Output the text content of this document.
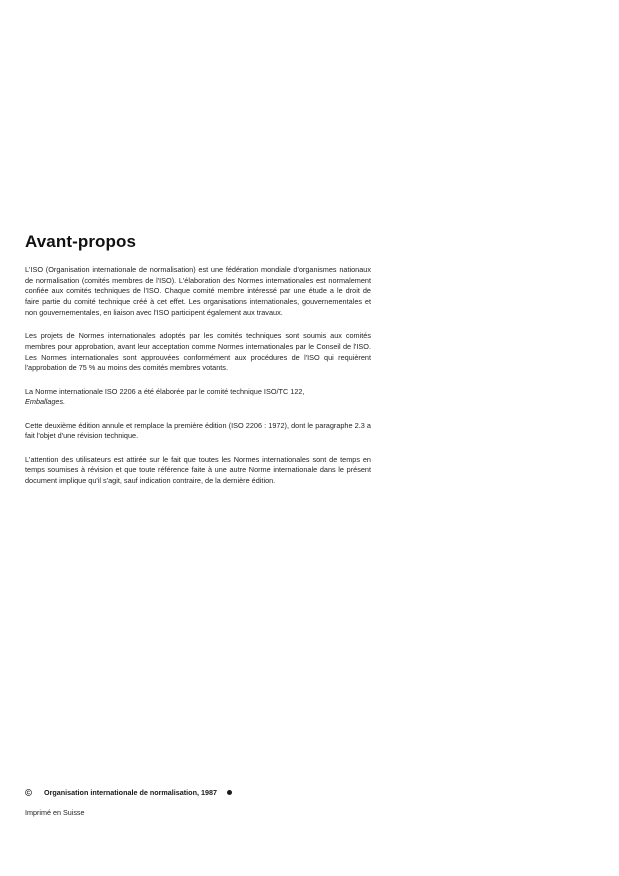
Avant-propos

L'ISO (Organisation internationale de normalisation) est une fédération mondiale d'organismes nationaux de normalisation (comités membres de l'ISO). L'élaboration des Normes internationales est normalement confiée aux comités techniques de l'ISO. Chaque comité membre intéressé par une étude a le droit de faire partie du comité technique créé à cet effet. Les organisations internationales, gouvernementales et non gouvernementales, en liaison avec l'ISO participent également aux travaux.

Les projets de Normes internationales adoptés par les comités techniques sont soumis aux comités membres pour approbation, avant leur acceptation comme Normes internationales par le Conseil de l'ISO. Les Normes internationales sont approuvées conformément aux procédures de l'ISO qui requièrent l'approbation de 75 % au moins des comités membres votants.

La Norme internationale ISO 2206 a été élaborée par le comité technique ISO/TC 122,
Emballages.

Cette deuxième édition annule et remplace la première édition (ISO 2206 : 1972), dont le paragraphe 2.3 a fait l'objet d'une révision technique.

L'attention des utilisateurs est attirée sur le fait que toutes les Normes internationales sont de temps en temps soumises à révision et que toute référence faite à une autre Norme internationale dans le présent document implique qu'il s'agit, sauf indication contraire, de la dernière édition.

Organisation internationale de normalisation, 1987
Imprimé en Suisse
